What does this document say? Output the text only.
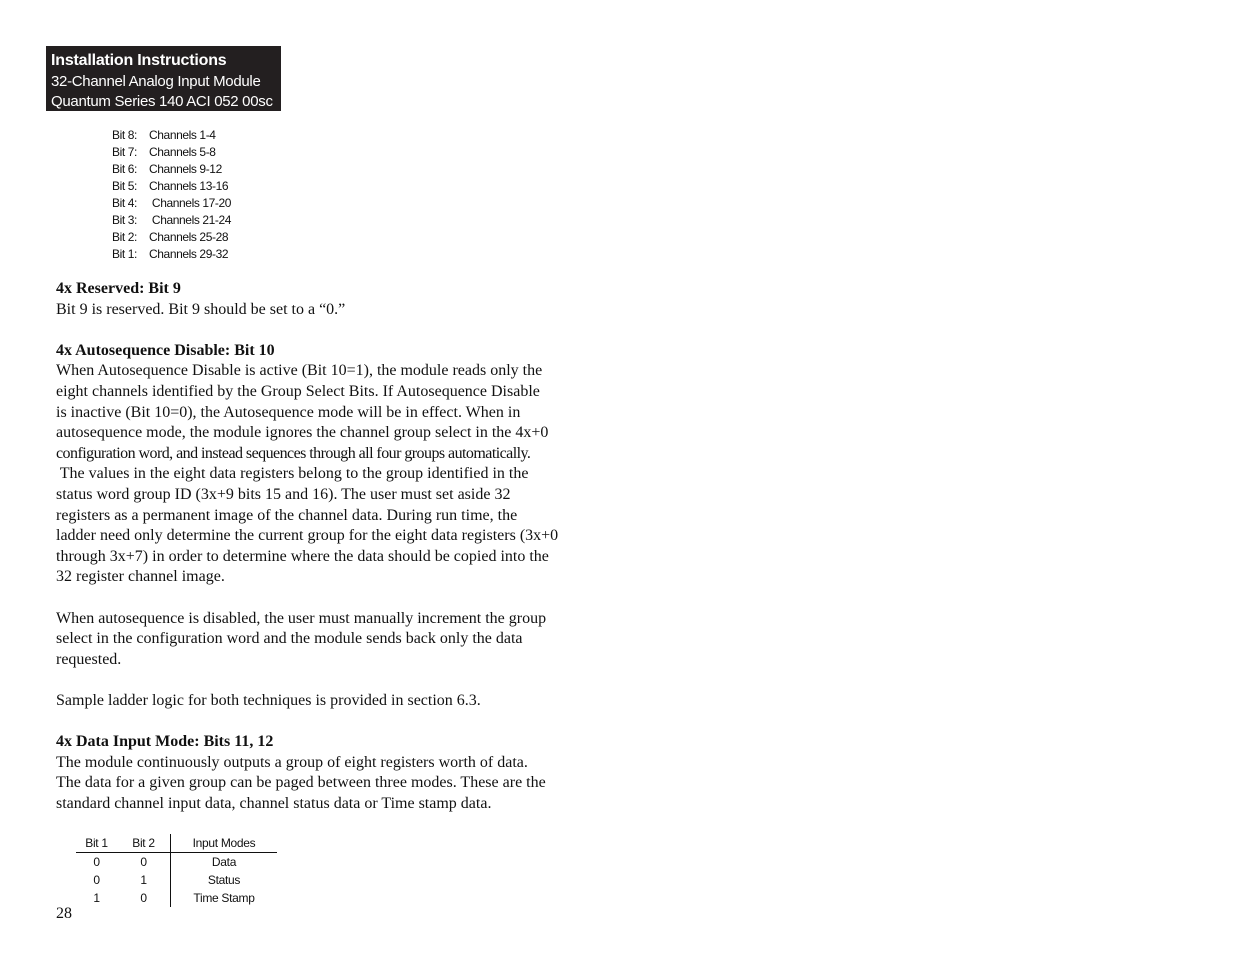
Installation Instructions
32-Channel Analog Input Module
Quantum Series 140 ACI 052 00sc
Bit 8: Channels 1-4
Bit 7: Channels 5-8
Bit 6: Channels 9-12
Bit 5: Channels 13-16
Bit 4: Channels 17-20
Bit 3: Channels 21-24
Bit 2: Channels 25-28
Bit 1: Channels 29-32
4x Reserved: Bit 9

Bit 9 is reserved. Bit 9 should be set to a “0.”

4x Autosequence Disable: Bit 10

When Autosequence Disable is active (Bit 10=1), the module reads only the

eight channels identified by the Group Select Bits. If Autosequence Disable

is inactive (Bit 10=0), the Autosequence mode will be in effect. When in

autosequence mode, the module ignores the channel group select in the 4x+0

configuration word, and instead sequences through all four groups automatically.

The values in the eight data registers belong to the group identified in the

status word group ID (3x+9 bits 15 and 16). The user must set aside 32

registers as a permanent image of the channel data. During run time, the

ladder need only determine the current group for the eight data registers (3x+0

through 3x+7) in order to determine where the data should be copied into the

32 register channel image.

When autosequence is disabled, the user must manually increment the group

select in the configuration word and the module sends back only the data

requested.

Sample ladder logic for both techniques is provided in section 6.3.

4x Data Input Mode: Bits 11, 12

The module continuously outputs a group of eight registers worth of data.

The data for a given group can be paged between three modes. These are the

standard channel input data, channel status data or Time stamp data.

Bit 1	Bit 2	Input Modes
0	0	Data
0	1	Status
1	0	Time Stamp
28
